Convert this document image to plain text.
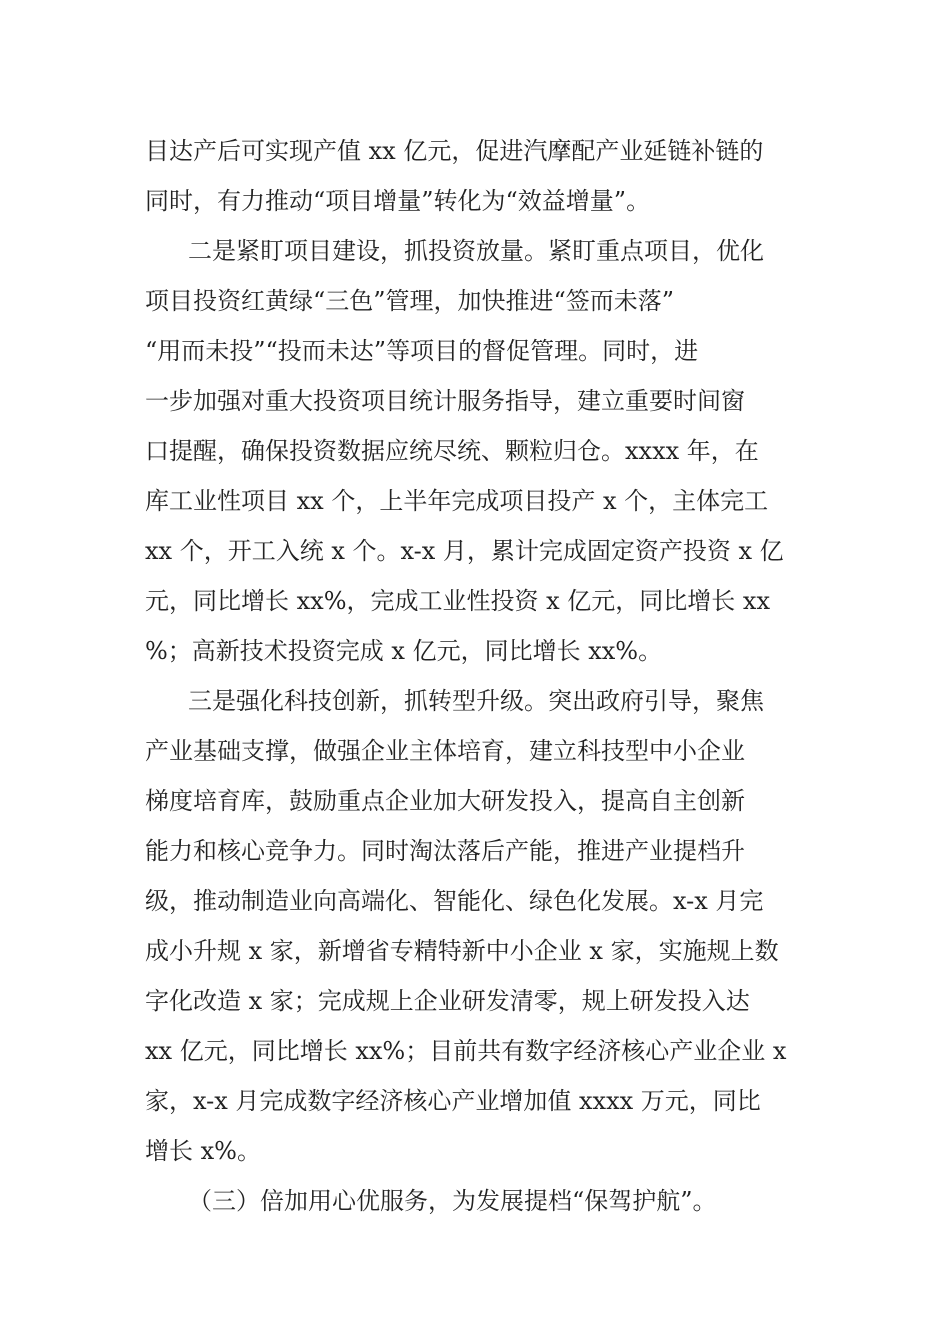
目达产后可实现产值 xx 亿元，促进汽摩配产业延链补链的
同时，有力推动“项目增量”转化为“效益增量”。
二是紧盯项目建设，抓投资放量。紧盯重点项目，优化
项目投资红黄绿“三色”管理，加快推进“签而未落”
“用而未投”“投而未达”等项目的督促管理。同时，进
一步加强对重大投资项目统计服务指导，建立重要时间窗
口提醒，确保投资数据应统尽统、颗粒归仓。xxxx 年，在
库工业性项目 xx 个，上半年完成项目投产 x 个，主体完工
xx 个，开工入统 x 个。x-x 月，累计完成固定资产投资 x 亿
元，同比增长 xx%，完成工业性投资 x 亿元，同比增长 xx
%；高新技术投资完成 x 亿元，同比增长 xx%。
三是强化科技创新，抓转型升级。突出政府引导，聚焦
产业基础支撑，做强企业主体培育，建立科技型中小企业
梯度培育库，鼓励重点企业加大研发投入，提高自主创新
能力和核心竞争力。同时淘汰落后产能，推进产业提档升
级，推动制造业向高端化、智能化、绿色化发展。x-x 月完
成小升规 x 家，新增省专精特新中小企业 x 家，实施规上数
字化改造 x 家；完成规上企业研发清零，规上研发投入达
xx 亿元，同比增长 xx%；目前共有数字经济核心产业企业 x
家，x-x 月完成数字经济核心产业增加值 xxxx 万元，同比
增长 x%。
（三）倍加用心优服务，为发展提档“保驾护航”。
